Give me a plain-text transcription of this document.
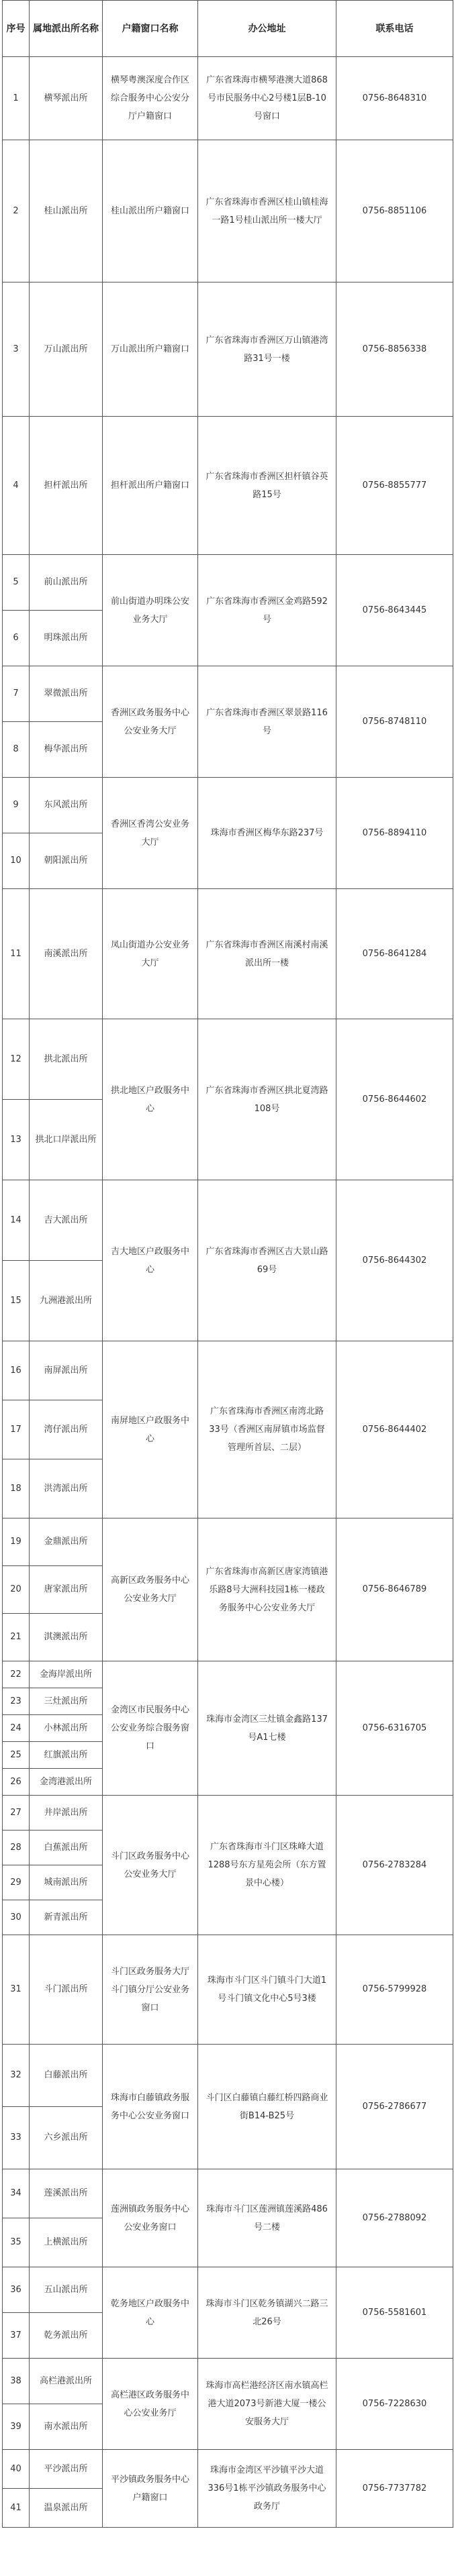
序号	属地派出所名称	户籍窗口名称	办公地址	联系电话
1	横琴派出所	横琴粤澳深度合作区综合服务中心公安分厅户籍窗口	广东省珠海市横琴港澳大道868号市民服务中心2号楼1层B-10号窗口	0756-8648310
2	桂山派出所	桂山派出所户籍窗口	广东省珠海市香洲区桂山镇桂海一路1号桂山派出所一楼大厅	0756-8851106
3	万山派出所	万山派出所户籍窗口	广东省珠海市香洲区万山镇港湾路31号一楼	0756-8856338
4	担杆派出所	担杆派出所户籍窗口	广东省珠海市香洲区担杆镇谷英路15号	0756-8855777
5	前山派出所	前山街道办明珠公安业务大厅	广东省珠海市香洲区金鸡路592号	0756-8643445
6	明珠派出所			
7	翠微派出所	香洲区政务服务中心公安业务大厅	广东省珠海市香洲区翠景路116号	0756-8748110
8	梅华派出所			
9	东风派出所	香洲区香湾公安业务大厅	珠海市香洲区梅华东路237号	0756-8894110
10	朝阳派出所			
11	南溪派出所	凤山街道办公安业务大厅	广东省珠海市香洲区南溪村南溪派出所一楼	0756-8641284
12	拱北派出所	拱北地区户政服务中心	广东省珠海市香洲区拱北夏湾路108号	0756-8644602
13	拱北口岸派出所			
14	吉大派出所	吉大地区户政服务中心	广东省珠海市香洲区吉大景山路69号	0756-8644302
15	九洲港派出所			
16	南屏派出所	南屏地区户政服务中心	广东省珠海市香洲区南湾北路33号（香洲区南屏镇市场监督管理所首层、二层）	0756-8644402
17	湾仔派出所			
18	洪湾派出所			
19	金鼎派出所	高新区政务服务中心公安业务大厅	广东省珠海市高新区唐家湾镇港乐路8号大洲科技园1栋一楼政务服务中心公安业务大厅	0756-8646789
20	唐家派出所			
21	淇澳派出所			
22	金海岸派出所	金湾区市民服务中心公安业务综合服务窗口	珠海市金湾区三灶镇金鑫路137号A1七楼	0756-6316705
23	三灶派出所			
24	小林派出所			
25	红旗派出所			
26	金湾港派出所			
27	井岸派出所	斗门区政务服务中心公安业务大厅	广东省珠海市斗门区珠峰大道1288号东方星苑会所（东方置景中心楼）	0756-2783284
28	白蕉派出所			
29	城南派出所			
30	新青派出所			
31	斗门派出所	斗门区政务服务大厅斗门镇分厅公安业务窗口	珠海市斗门区斗门镇斗门大道1号斗门镇文化中心5号3楼	0756-5799928
32	白藤派出所	珠海市白藤镇政务服务中心公安业务窗口	斗门区白藤镇白藤红桥四路商业街B14-B25号	0756-2786677
33	六乡派出所			
34	莲溪派出所	莲洲镇政务服务中心公安业务窗口	珠海市斗门区莲洲镇莲溪路486号二楼	0756-2788092
35	上横派出所			
36	五山派出所	乾务地区户政服务中心	珠海市斗门区乾务镇湖兴二路三北26号	0756-5581601
37	乾务派出所			
38	高栏港派出所	高栏港区政务服务中心公安业务厅	珠海市高栏港经济区南水镇高栏港大道2073号新港大厦一楼公安服务大厅	0756-7228630
39	南水派出所			
40	平沙派出所	平沙镇政务服务中心户籍窗口	珠海市金湾区平沙镇平沙大道336号1栋平沙镇政务服务中心政务厅	0756-7737782
41	温泉派出所			
